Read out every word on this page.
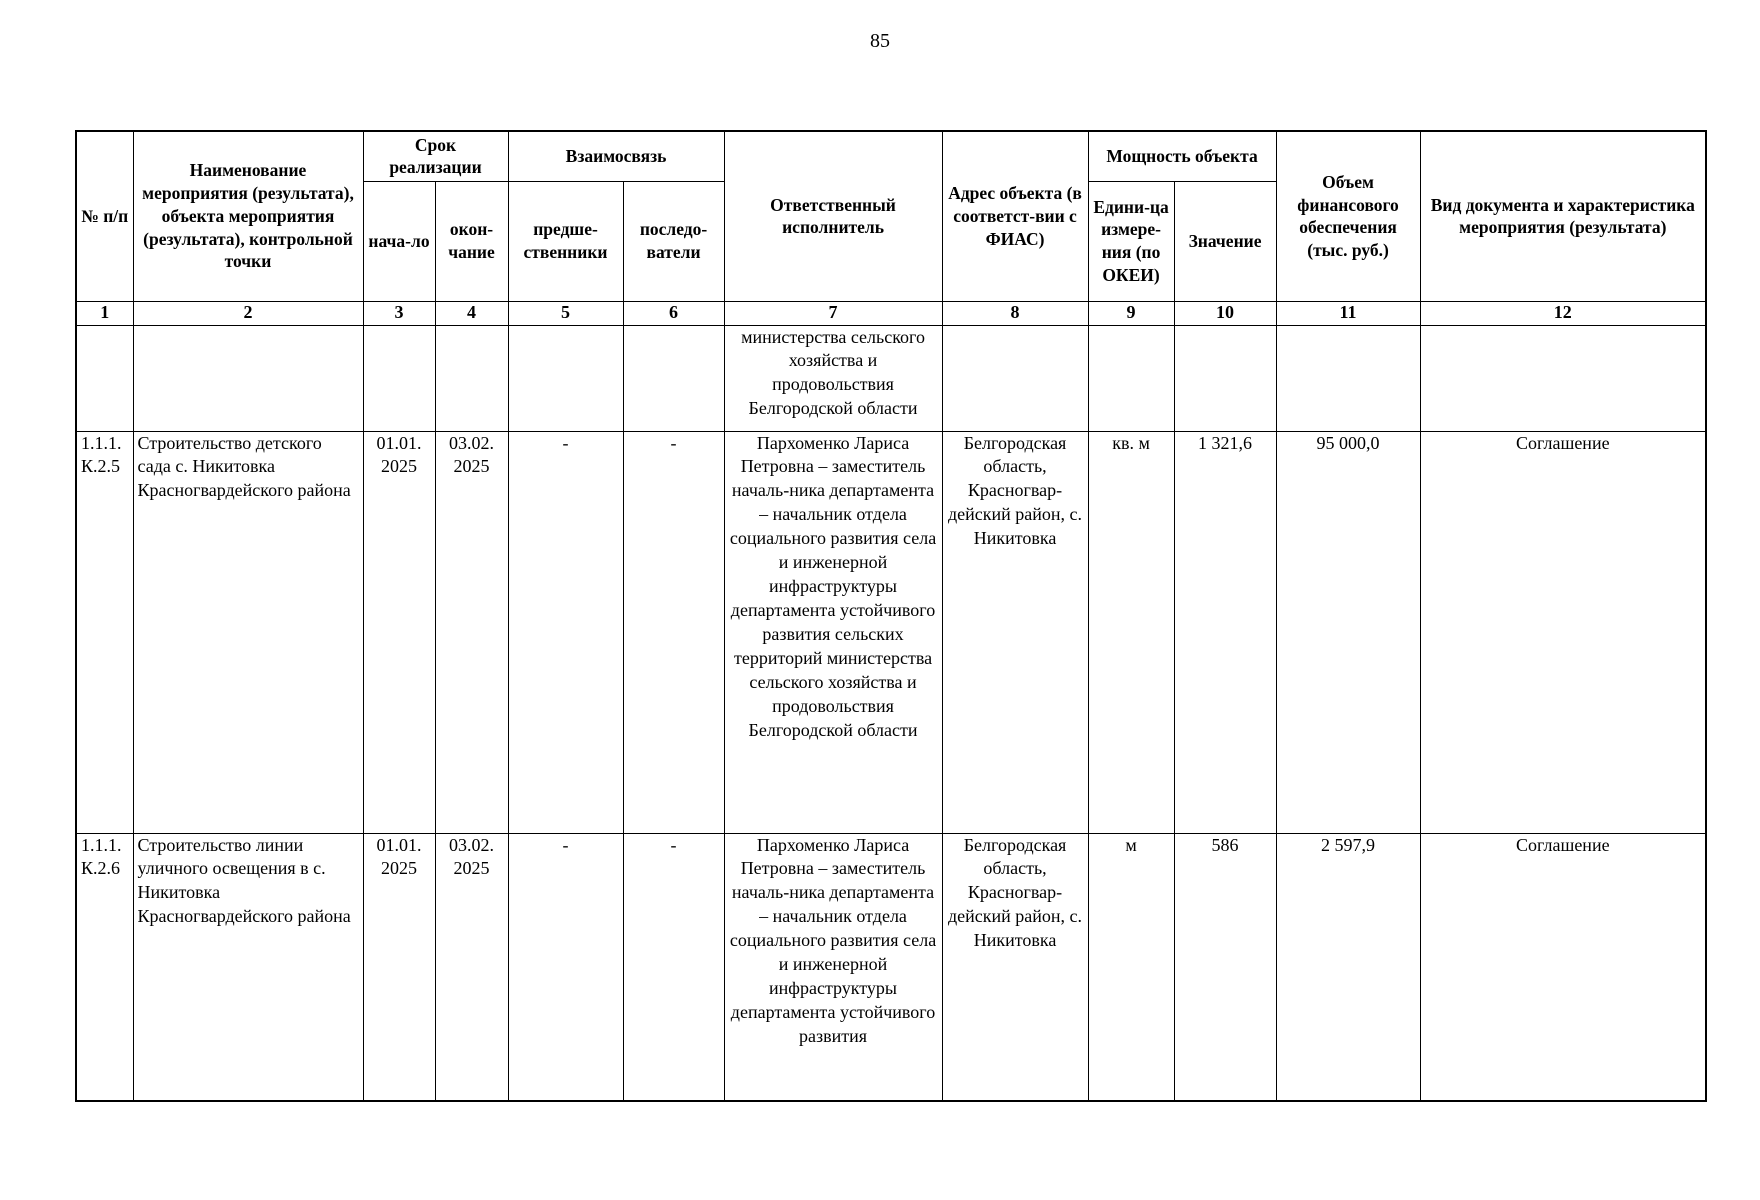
85
№ п/п	Наименование мероприятия (результата), объекта мероприятия (результата), контрольной точки	Срок реализации		Взаимосвязь		Ответственный исполнитель	Адрес объекта (в соответст-вии с ФИАС)	Мощность объекта		Объем финансового обеспечения (тыс. руб.)	Вид документа и характеристика мероприятия (результата)
		нача-ло	окон-чание	предше-ственники	последо-ватели			Едини-ца измере-ния (по ОКЕИ)	Значение		
1	2	3	4	5	6	7	8	9	10	11	12
						министерства сельского хозяйства и продовольствия Белгородской области					
1.1.1. К.2.5	Строительство детского сада с. Никитовка Красногвардейского района	01.01. 2025	03.02. 2025	-	-	Пархоменко Лариса Петровна – заместитель началь-ника департамента – начальник отдела социального развития села и инженерной инфраструктуры департамента устойчивого развития сельских территорий министерства сельского хозяйства и продовольствия Белгородской области	Белгородская область, Красногвар-дейский район, с. Никитовка	кв. м	1 321,6	95 000,0	Соглашение
1.1.1. К.2.6	Строительство линии уличного освещения в с. Никитовка Красногвардейского района	01.01. 2025	03.02. 2025	-	-	Пархоменко Лариса Петровна – заместитель началь-ника департамента – начальник отдела социального развития села и инженерной инфраструктуры департамента устойчивого развития	Белгородская область, Красногвар-дейский район, с. Никитовка	м	586	2 597,9	Соглашение
